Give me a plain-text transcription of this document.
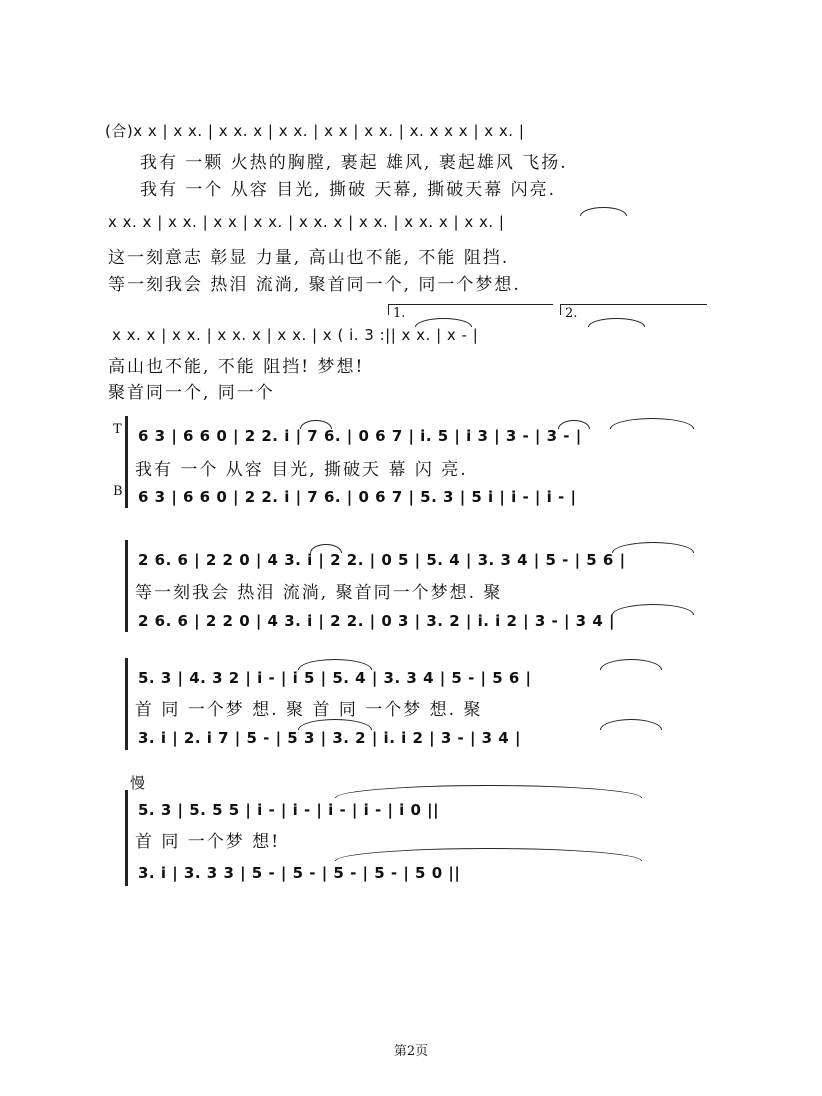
(合)x x | x x. | x x. x | x x. | x x | x x. | x. x x x | x x. |
我有 一颗 火热的胸膛, 裹起 雄风, 裹起雄风 飞扬.
我有 一个 从容 目光, 撕破 天幕, 撕破天幕 闪亮.
x x. x | x x. | x x | x x. | x x. x | x x. | x x. x | x x. |
这一刻意志 彰显 力量, 高山也不能, 不能 阻挡.
等一刻我会 热泪 流淌, 聚首同一个, 同一个梦想.
1.	2.
x x. x | x x. | x x. x | x x. | x ( i. 3 :|| x x. | x - |
高山也不能, 不能 阻挡! 梦想!
聚首同一个, 同一个
T
B
6 3 | 6 6 0 | 2 2. i | 7 6. | 0 6 7 | i. 5 | i 3 | 3 - | 3 - |
我有 一个 从容 目光, 撕破天 幕 闪 亮.
6 3 | 6 6 0 | 2 2. i | 7 6. | 0 6 7 | 5. 3 | 5 i | i - | i - |
2 6. 6 | 2 2 0 | 4 3. i | 2 2. | 0 5 | 5. 4 | 3. 3 4 | 5 - | 5 6 |
等一刻我会 热泪 流淌, 聚首同一个梦想. 聚
2 6. 6 | 2 2 0 | 4 3. i | 2 2. | 0 3 | 3. 2 | i. i 2 | 3 - | 3 4 |
5. 3 | 4. 3 2 | i - | i 5 | 5. 4 | 3. 3 4 | 5 - | 5 6 |
首 同 一个梦 想. 聚 首 同 一个梦 想. 聚
3. i | 2. i 7 | 5 - | 5 3 | 3. 2 | i. i 2 | 3 - | 3 4 |
慢
5. 3 | 5. 5 5 | i - | i - | i - | i - | i 0 ||
首 同 一个梦 想!
3. i | 3. 3 3 | 5 - | 5 - | 5 - | 5 - | 5 0 ||
第2页
